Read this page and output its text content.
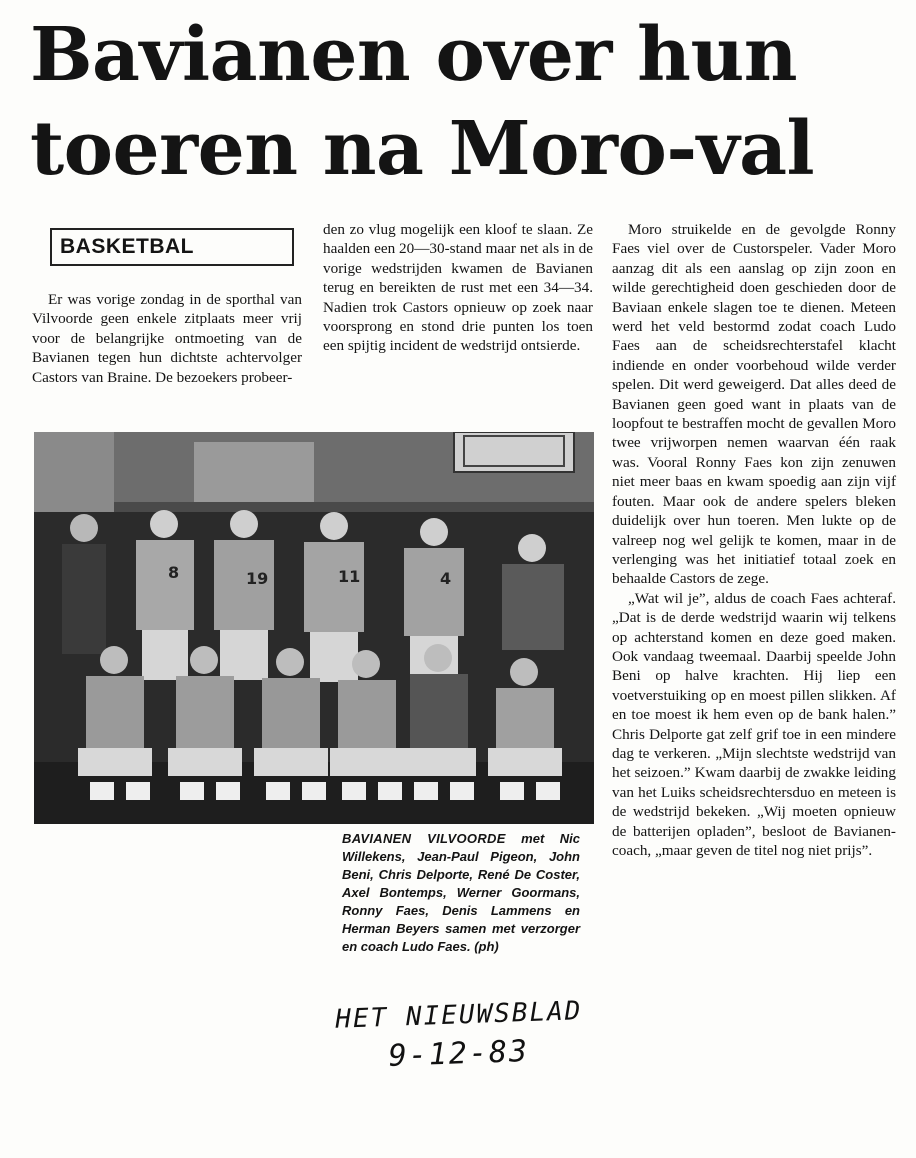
Bavianen over hun
toeren na Moro-val
BASKETBAL

Er was vorige zondag in de sporthal van Vilvoorde geen enkele zitplaats meer vrij voor de belangrijke ontmoeting van de Bavianen tegen hun dichtste achtervolger Castors van Braine. De bezoekers probeer-

den zo vlug mogelijk een kloof te slaan. Ze haalden een 20—30-stand maar net als in de vorige wedstrijden kwamen de Bavianen terug en bereikten de rust met een 34—34. Nadien trok Castors opnieuw op zoek naar voorsprong en stond drie punten los toen een spijtig incident de wedstrijd ontsierde.

Moro struikelde en de gevolgde Ronny Faes viel over de Custorspeler. Vader Moro aanzag dit als een aanslag op zijn zoon en wilde gerechtigheid doen geschieden door de Baviaan enkele slagen toe te dienen. Meteen werd het veld bestormd zodat coach Ludo Faes aan de scheidsrechterstafel klacht indiende en onder voorbehoud wilde verder spelen. Dit werd geweigerd. Dat alles deed de Bavianen geen goed want in plaats van de loopfout te bestraffen mocht de gevallen Moro twee vrijworpen nemen waarvan één raak was. Vooral Ronny Faes kon zijn zenuwen niet meer baas en kwam spoedig aan zijn vijf fouten. Maar ook de andere spelers bleken duidelijk over hun toeren. Men lukte op de valreep nog wel gelijk te komen, maar in de verlenging was het initiatief totaal zoek en behaalde Castors de zege.

„Wat wil je”, aldus de coach Faes achteraf. „Dat is de derde wedstrijd waarin wij telkens op achterstand komen en deze goed maken. Ook vandaag tweemaal. Daarbij speelde John Beni op halve krachten. Hij liep een voetverstuiking op en moest pillen slikken. Af en toe moest ik hem even op de bank halen.” Chris Delporte gat zelf grif toe in een mindere dag te verkeren. „Mijn slechtste wedstrijd van het seizoen.” Kwam daarbij de zwakke leiding van het Luiks scheidsrechtersduo en meteen is de wedstrijd bekeken. „Wij moeten opnieuw de batterijen opladen”, besloot de Bavianen-coach, „maar geven de titel nog niet prijs”.

8	19	11	4

BAVIANEN VILVOORDE met Nic Willekens, Jean-Paul Pigeon, John Beni, Chris Delporte, René De Coster, Axel Bontemps, Werner Goormans, Ronny Faes, Denis Lammens en Herman Beyers samen met verzorger en coach Ludo Faes. (ph)

HET NIEUWSBLAD
9-12-83
